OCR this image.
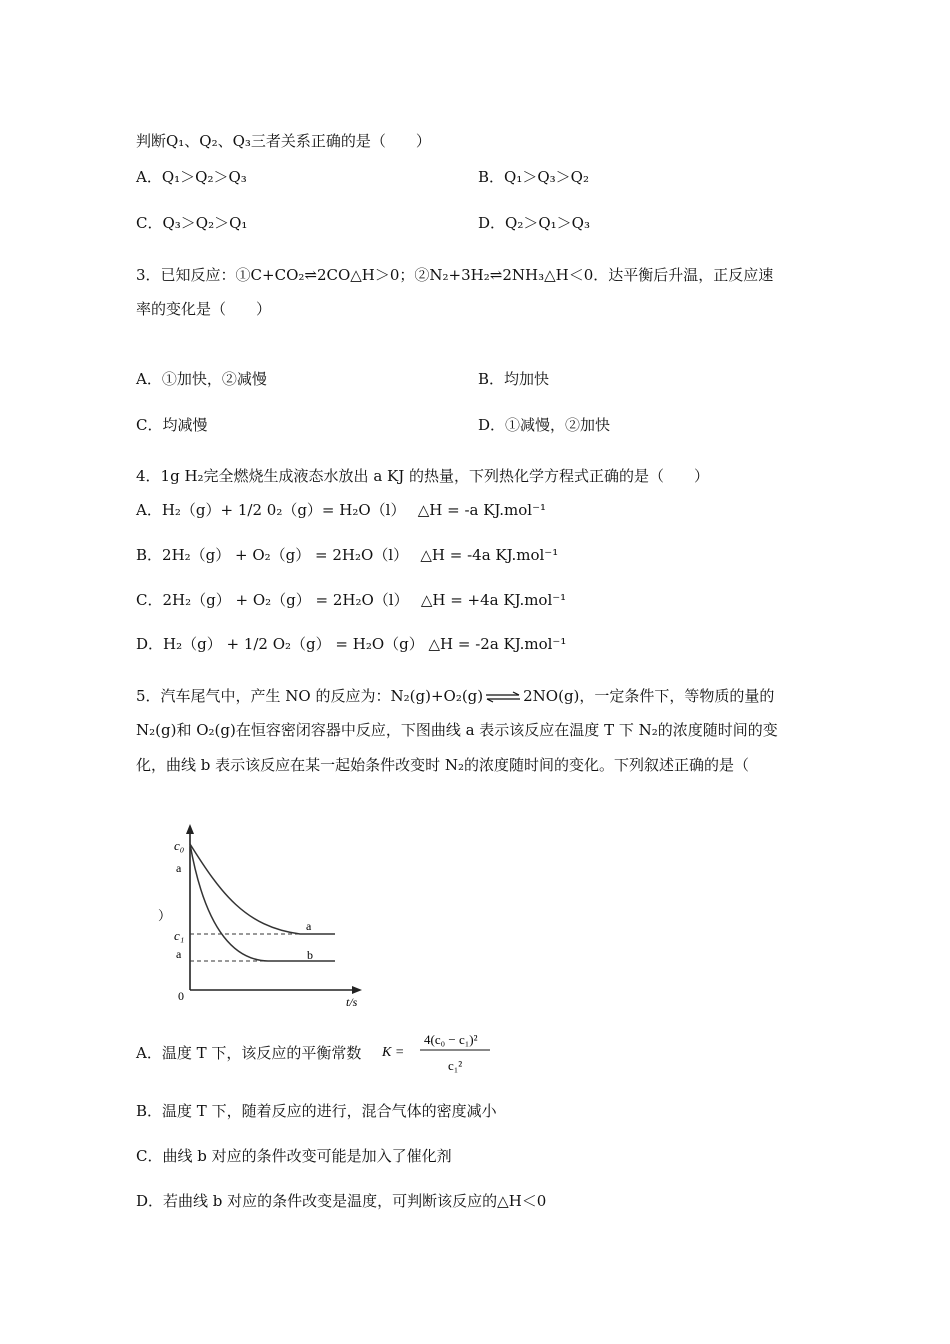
判断Q₁、Q₂、Q₃三者关系正确的是（　　）
A．Q₁＞Q₂＞Q₃	B．Q₁＞Q₃＞Q₂
C．Q₃＞Q₂＞Q₁	D．Q₂＞Q₁＞Q₃
3．已知反应：①C+CO₂⇌2CO△H＞0；②N₂+3H₂⇌2NH₃△H＜0．达平衡后升温，正反应速
率的变化是（　　）
A．①加快，②减慢	B．均加快
C．均减慢	D．①减慢，②加快
4．1g H₂完全燃烧生成液态水放出 a KJ 的热量，下列热化学方程式正确的是（　　）
A．H₂（g）+ 1/2 0₂（g）= H₂O（l）　 △H = -a KJ.mol⁻¹
B．2H₂（g） + O₂（g） = 2H₂O（l）　 △H = -4a KJ.mol⁻¹
C．2H₂（g） + O₂（g） = 2H₂O（l）　 △H = +4a KJ.mol⁻¹
D．H₂（g） + 1/2 O₂（g） = H₂O（g） △H = -2a KJ.mol⁻¹
5．汽车尾气中，产生 NO 的反应为：N₂(g)+O₂(g) ⇌ 2NO(g)，一定条件下，等物质的量的
N₂(g)和 O₂(g)在恒容密闭容器中反应，下图曲线 a 表示该反应在温度 T 下 N₂的浓度随时间的变
化，曲线 b 表示该反应在某一起始条件改变时 N₂的浓度随时间的变化。下列叙述正确的是（
c₀
a
c₁
a
0	t/s
a
b
）
A．温度 T 下，该反应的平衡常数 K =
4(c₀ − c₁)²
c₁²
B．温度 T 下，随着反应的进行，混合气体的密度减小
C．曲线 b 对应的条件改变可能是加入了催化剂
D．若曲线 b 对应的条件改变是温度，可判断该反应的△H＜0
